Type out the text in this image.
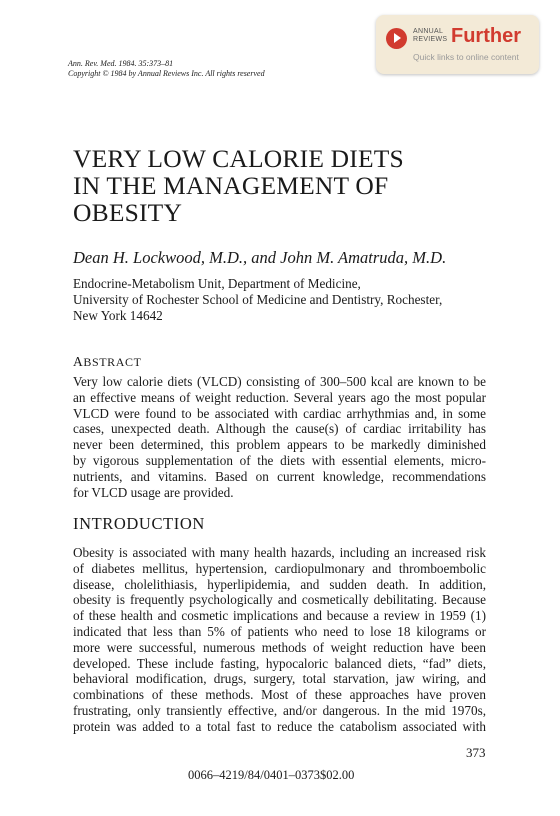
Ann. Rev. Med. 1984. 35:373–81
Copyright © 1984 by Annual Reviews Inc. All rights reserved
ANNUAL
REVIEWS Further
Quick links to online content
VERY LOW CALORIE DIETS
IN THE MANAGEMENT OF
OBESITY
Dean H. Lockwood, M.D., and John M. Amatruda, M.D.
Endocrine-Metabolism Unit, Department of Medicine,
University of Rochester School of Medicine and Dentistry, Rochester,
New York 14642
ABSTRACT
Very low calorie diets (VLCD) consisting of 300–500 kcal are known to be
an effective means of weight reduction. Several years ago the most popular
VLCD were found to be associated with cardiac arrhythmias and, in some
cases, unexpected death. Although the cause(s) of cardiac irritability has
never been determined, this problem appears to be markedly diminished
by vigorous supplementation of the diets with essential elements, micro-
nutrients, and vitamins. Based on current knowledge, recommendations
for VLCD usage are provided.
INTRODUCTION
Obesity is associated with many health hazards, including an increased risk
of diabetes mellitus, hypertension, cardiopulmonary and thromboembolic
disease, cholelithiasis, hyperlipidemia, and sudden death. In addition,
obesity is frequently psychologically and cosmetically debilitating. Because
of these health and cosmetic implications and because a review in 1959 (1)
indicated that less than 5% of patients who need to lose 18 kilograms or
more were successful, numerous methods of weight reduction have been
developed. These include fasting, hypocaloric balanced diets, “fad” diets,
behavioral modification, drugs, surgery, total starvation, jaw wiring, and
combinations of these methods. Most of these approaches have proven
frustrating, only transiently effective, and/or dangerous. In the mid 1970s,
protein was added to a total fast to reduce the catabolism associated with
373
0066–4219/84/0401–0373$02.00
